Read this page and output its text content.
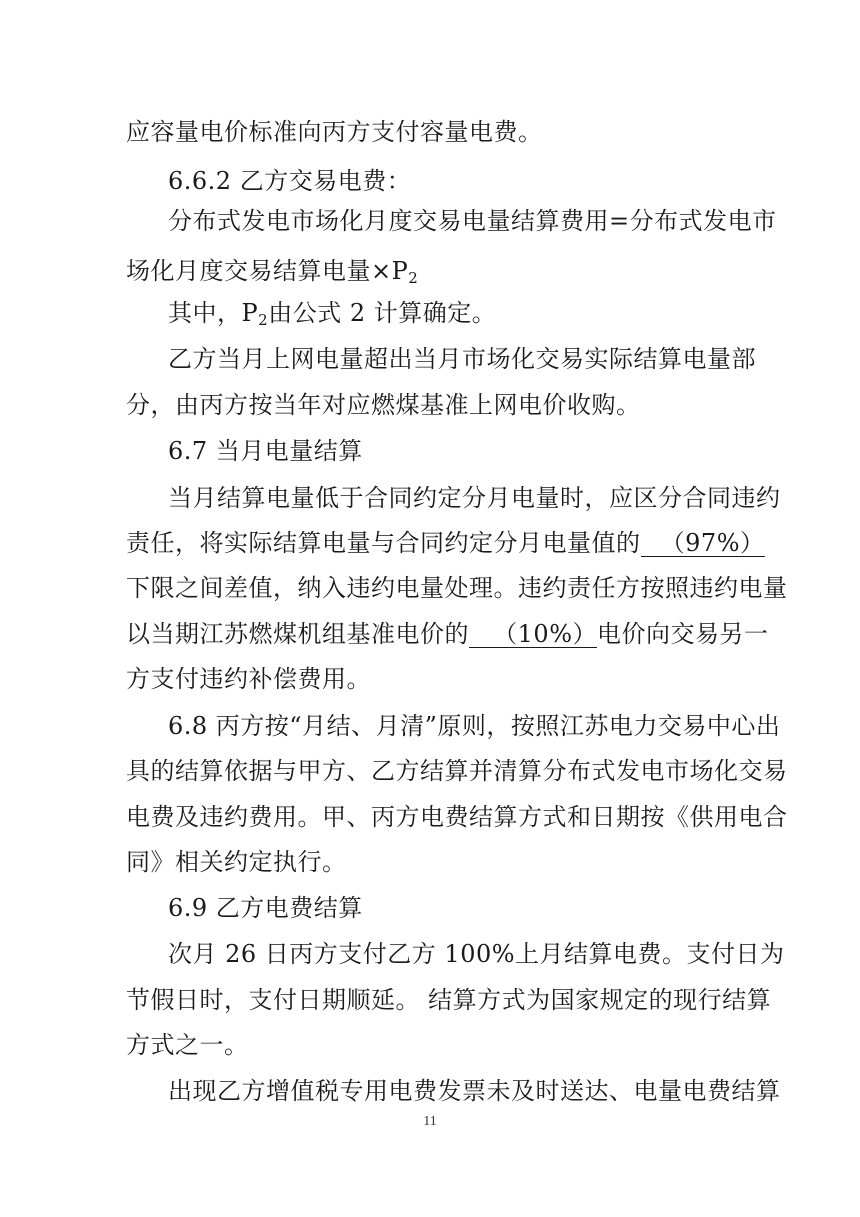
应容量电价标准向丙方支付容量电费。
6.6.2 乙方交易电费：
分布式发电市场化月度交易电量结算费用=分布式发电市
场化月度交易结算电量$\times P_2$
其中，$P_2$由公式 2 计算确定。
乙方当月上网电量超出当月市场化交易实际结算电量部
分，由丙方按当年对应燃煤基准上网电价收购。
6.7 当月电量结算
当月结算电量低于合同约定分月电量时，应区分合同违约
责任，将实际结算电量与合同约定分月电量值的 （97%）
下限之间差值，纳入违约电量处理。违约责任方按照违约电量
以当期江苏燃煤机组基准电价的 （10%）电价向交易另一
方支付违约补偿费用。
6.8 丙方按“月结、月清”原则，按照江苏电力交易中心出
具的结算依据与甲方、乙方结算并清算分布式发电市场化交易
电费及违约费用。甲、丙方电费结算方式和日期按《供用电合
同》相关约定执行。
6.9 乙方电费结算
次月 26 日丙方支付乙方 100%上月结算电费。支付日为
节假日时，支付日期顺延。 结算方式为国家规定的现行结算
方式之一。
出现乙方增值税专用电费发票未及时送达、电量电费结算
11
